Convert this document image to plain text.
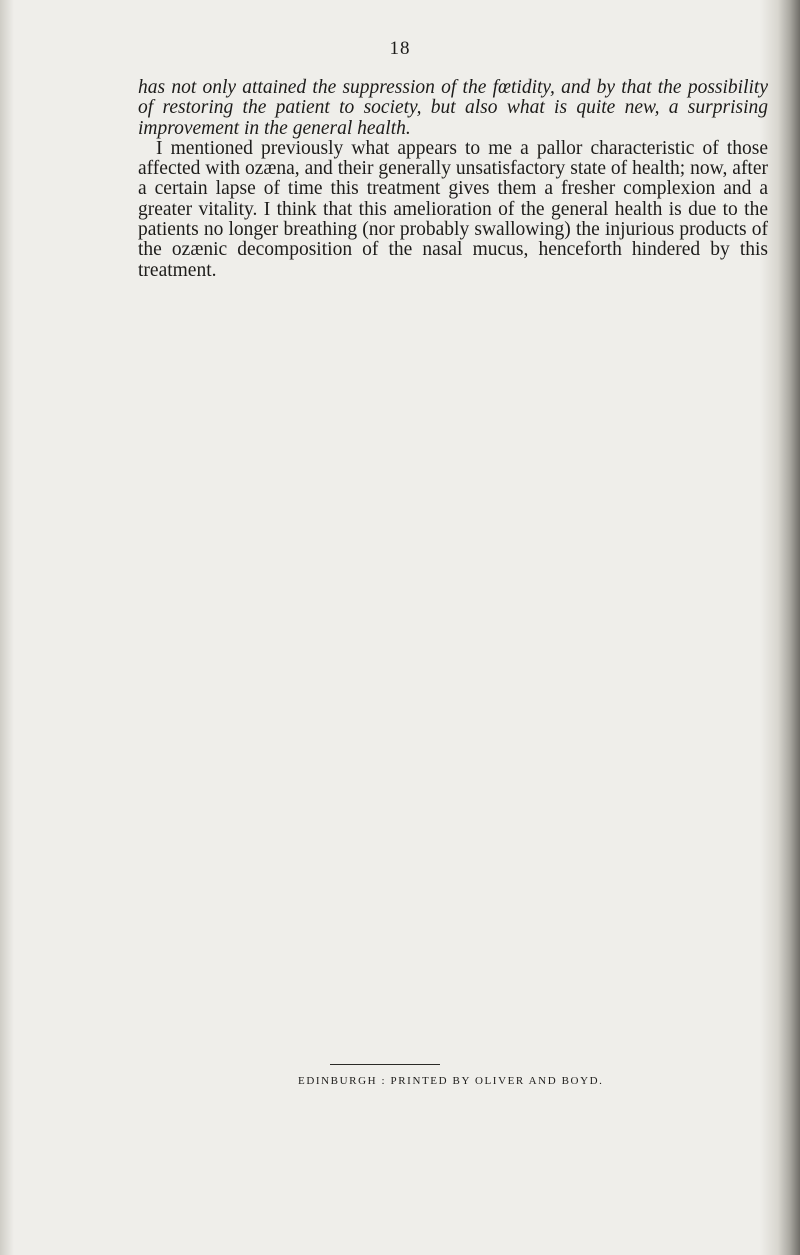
18

has not only attained the suppression of the fœtidity, and by that the possibility of restoring the patient to society, but also what is quite new, a surprising improvement in the general health.

I mentioned previously what appears to me a pallor characteristic of those affected with ozæna, and their generally unsatisfactory state of health; now, after a certain lapse of time this treatment gives them a fresher complexion and a greater vitality. I think that this amelioration of the general health is due to the patients no longer breathing (nor probably swallowing) the injurious products of the ozænic decomposition of the nasal mucus, henceforth hindered by this treatment.

EDINBURGH : PRINTED BY OLIVER AND BOYD.
